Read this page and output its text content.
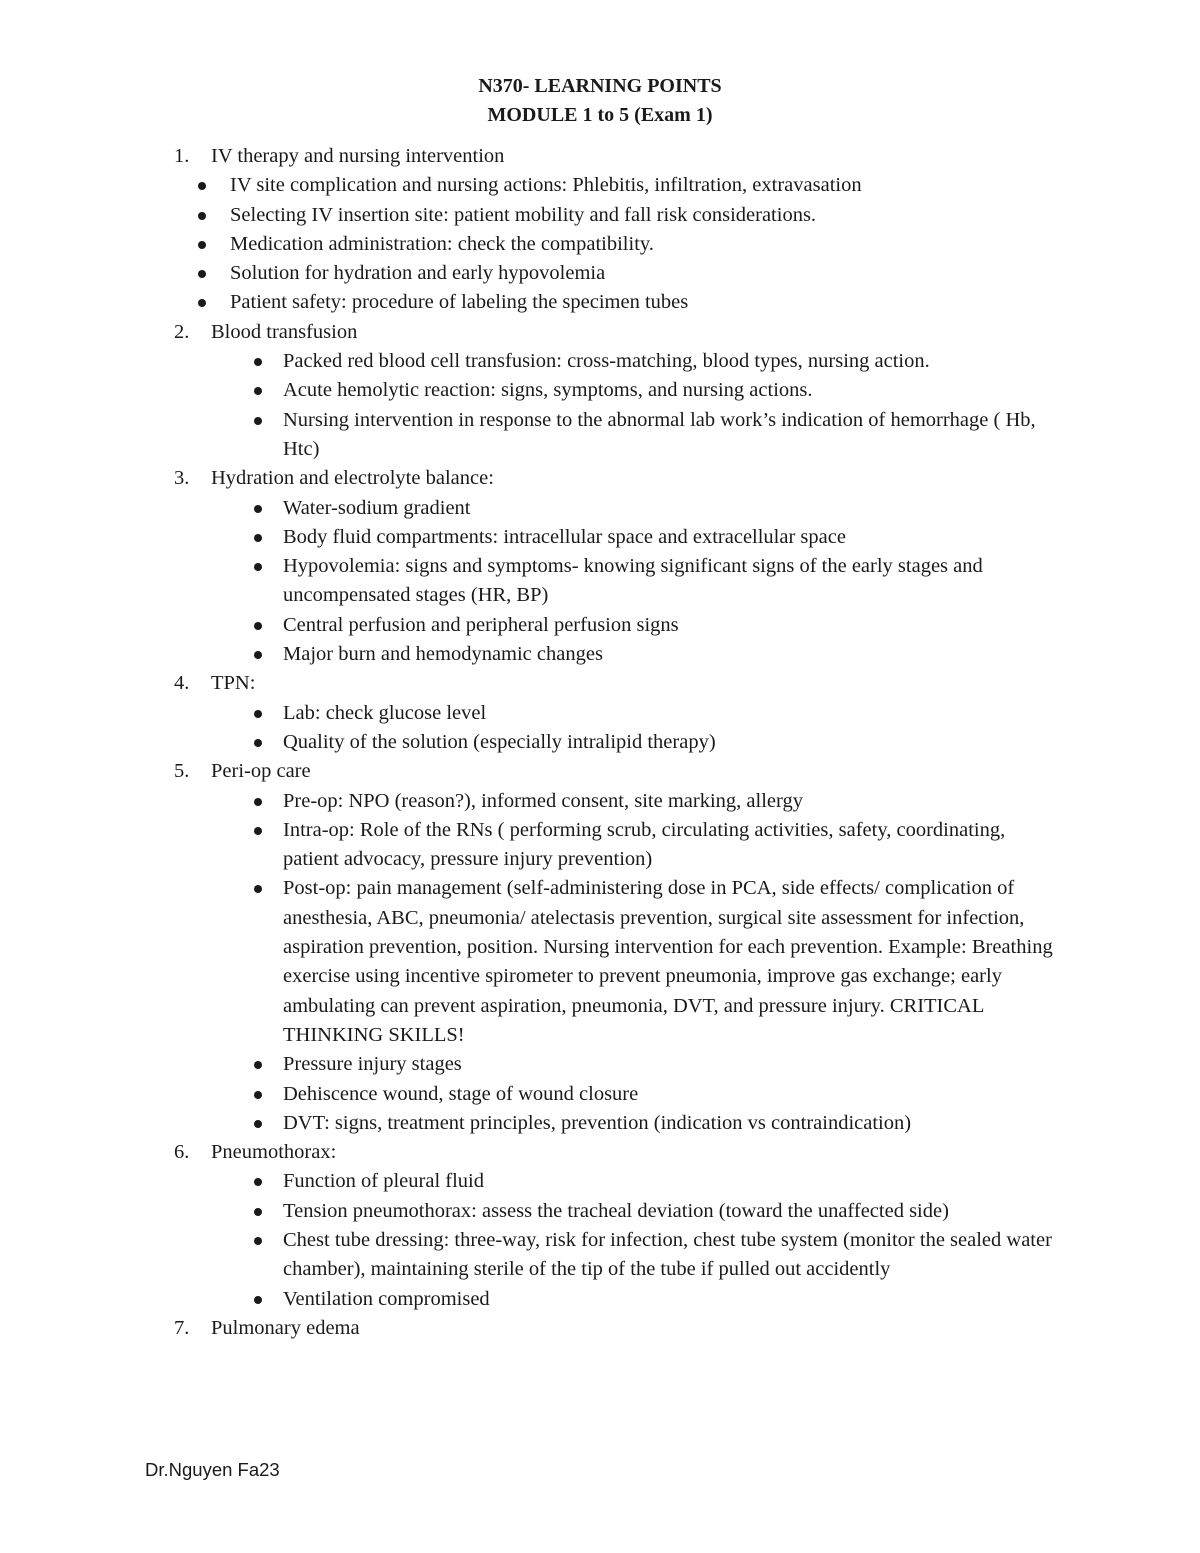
N370- LEARNING POINTS
MODULE 1 to 5 (Exam 1)
1. IV therapy and nursing intervention
IV site complication and nursing actions: Phlebitis, infiltration, extravasation
Selecting IV insertion site: patient mobility and fall risk considerations.
Medication administration: check the compatibility.
Solution for hydration and early hypovolemia
Patient safety: procedure of labeling the specimen tubes
2. Blood transfusion
Packed red blood cell transfusion: cross-matching, blood types, nursing action.
Acute hemolytic reaction: signs, symptoms, and nursing actions.
Nursing intervention in response to the abnormal lab work’s indication of hemorrhage ( Hb, Htc)
3. Hydration and electrolyte balance:
Water-sodium gradient
Body fluid compartments: intracellular space and extracellular space
Hypovolemia: signs and symptoms- knowing significant signs of the early stages and uncompensated stages (HR, BP)
Central perfusion and peripheral perfusion signs
Major burn and hemodynamic changes
4. TPN:
Lab: check glucose level
Quality of the solution (especially intralipid therapy)
5. Peri-op care
Pre-op: NPO (reason?), informed consent, site marking, allergy
Intra-op: Role of the RNs ( performing scrub, circulating activities, safety, coordinating, patient advocacy, pressure injury prevention)
Post-op: pain management (self-administering dose in PCA, side effects/ complication of anesthesia, ABC, pneumonia/ atelectasis prevention, surgical site assessment for infection, aspiration prevention, position. Nursing intervention for each prevention. Example: Breathing exercise using incentive spirometer to prevent pneumonia, improve gas exchange; early ambulating can prevent aspiration, pneumonia, DVT, and pressure injury. CRITICAL THINKING SKILLS!
Pressure injury stages
Dehiscence wound, stage of wound closure
DVT: signs, treatment principles, prevention (indication vs contraindication)
6. Pneumothorax:
Function of pleural fluid
Tension pneumothorax: assess the tracheal deviation (toward the unaffected side)
Chest tube dressing: three-way, risk for infection, chest tube system (monitor the sealed water chamber), maintaining sterile of the tip of the tube if pulled out accidently
Ventilation compromised
7. Pulmonary edema

Dr.Nguyen Fa23
